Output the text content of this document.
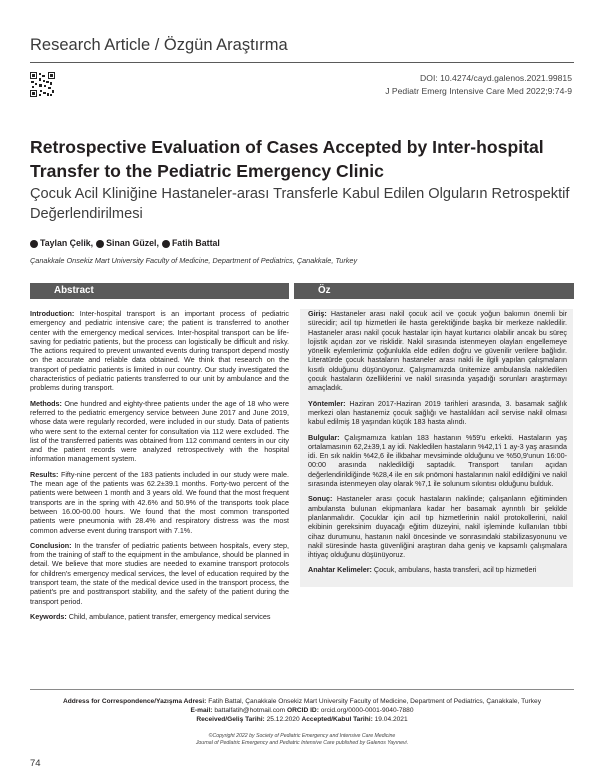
Research Article / Özgün Araştırma
DOI: 10.4274/cayd.galenos.2021.99815
J Pediatr Emerg Intensive Care Med 2022;9:74-9
Retrospective Evaluation of Cases Accepted by Inter-hospital Transfer to the Pediatric Emergency Clinic
Çocuk Acil Kliniğine Hastaneler-arası Transferle Kabul Edilen Olguların Retrospektif Değerlendirilmesi
Taylan Çelik,	Sinan Güzel,	Fatih Battal
Çanakkale Onsekiz Mart University Faculty of Medicine, Department of Pediatrics, Çanakkale, Turkey
Abstract	Öz

Introduction: Inter-hospital transport is an important process of pediatric emergency and pediatric intensive care; the patient is transferred to another center with the emergency medical services. Inter-hospital transport can be life-saving for pediatric patients, but the process can logistically be difficult and risky. The actions required to prevent unwanted events during transport depend mostly on the accurate and reliable data obtained. We think that research on the transport of pediatric patients is limited in our country. Our study investigated the characteristics of pediatric patients transferred to our unit by ambulance and the problems during transport.

Methods: One hundred and eighty-three patients under the age of 18 who were referred to the pediatric emergency service between June 2017 and June 2019, whose data were regularly recorded, were included in our study. Data of patients who were sent to the external center for consultation via 112 were excluded. The list of the transferred patients was obtained from 112 command centers in our city and the patient records were analyzed retrospectively with the hospital information management system.

Results: Fifty-nine percent of the 183 patients included in our study were male. The mean age of the patients was 62.2±39.1 months. Forty-two percent of the patients were between 1 month and 3 years old. We found that the most frequent transports are in the spring with 42.6% and 50.9% of the transports took place between 16.00-00.00 hours. We found that the most common transported patients were pneumonia with 28.4% and respiratory distress was the most common adverse event during transport with 7.1%.

Conclusion: In the transfer of pediatric patients between hospitals, every step, from the training of staff to the equipment in the ambulance, should be planned in detail. We believe that more studies are needed to examine transport protocols for children's emergency medical services, the level of education required by the transport team, the state of the medical device used in the transport process, the patient's pre and posttransport stability, and the safety of the patient during the transport period.

Keywords: Child, ambulance, patient transfer, emergency medical services

Giriş: Hastaneler arası nakil çocuk acil ve çocuk yoğun bakımın önemli bir sürecidir; acil tıp hizmetleri ile hasta gerektiğinde başka bir merkeze nakledilir. Hastaneler arası nakil çocuk hastalar için hayat kurtarıcı olabilir ancak bu süreç lojistik açıdan zor ve risklidir. Nakil sırasında istenmeyen olayları engellemeye yönelik eylemlerimiz çoğunlukla elde edilen doğru ve güvenilir verilere bağlıdır. Literatürde çocuk hastaların hastaneler arası nakli ile ilgili yapılan çalışmaların kısıtlı olduğunu düşünüyoruz. Çalışmamızda ünitemize ambulansla nakledilen çocuk hastaların özelliklerini ve nakil sırasında yaşadığı sorunları araştırmayı amaçladık.

Yöntemler: Haziran 2017-Haziran 2019 tarihleri arasında, 3. basamak sağlık merkezi olan hastanemiz çocuk sağlığı ve hastalıkları acil servise nakil olması kabul edilmiş 18 yaşından küçük 183 hasta alındı.

Bulgular: Çalışmamıza katılan 183 hastanın %59'u erkekti. Hastaların yaş ortalamasının 62,2±39,1 ay idi. Nakledilen hastaların %42,1'i 1 ay-3 yaş arasında idi. En sık naklin %42,6 ile ilkbahar mevsiminde olduğunu ve %50,9'unun 16:00-00:00 arasında nakledildiği saptadık. Transport tanıları açıdan değerlendirildiğinde %28,4 ile en sık pnömoni hastalarının nakil edildiğini ve nakil sırasında istenmeyen olay olarak %7,1 ile solunum sıkıntısı olduğunu bulduk.

Sonuç: Hastaneler arası çocuk hastaların naklinde; çalışanların eğitiminden ambulansta bulunan ekipmanlara kadar her basamak ayrıntılı bir şekilde planlanmalıdır. Çocuklar için acil tıp hizmetlerinin nakil protokollerini, nakil ekibinin gereksinim duyacağı eğitim düzeyini, nakil işleminde kullanılan tıbbi cihaz durumunu, hastanın nakil öncesinde ve sonrasındaki stabilizasyonunu ve nakil süresinde hasta güvenliğini araştıran daha geniş ve kapsamlı çalışmalara ihtiyaç olduğunu düşünüyoruz.

Anahtar Kelimeler: Çocuk, ambulans, hasta transferi, acil tıp hizmetleri

Address for Correspondence/Yazışma Adresi: Fatih Battal, Çanakkale Onsekiz Mart University Faculty of Medicine, Department of Pediatrics, Çanakkale, Turkey
E-mail: battalfatih@hotmail.com ORCID ID: orcid.org/0000-0001-9040-7880
Received/Geliş Tarihi: 25.12.2020 Accepted/Kabul Tarihi: 19.04.2021
©Copyright 2022 by Society of Pediatric Emergency and Intensive Care Medicine
Journal of Pediatric Emergency and Pediatric Intensive Care published by Galenos Yayınevi.
74
